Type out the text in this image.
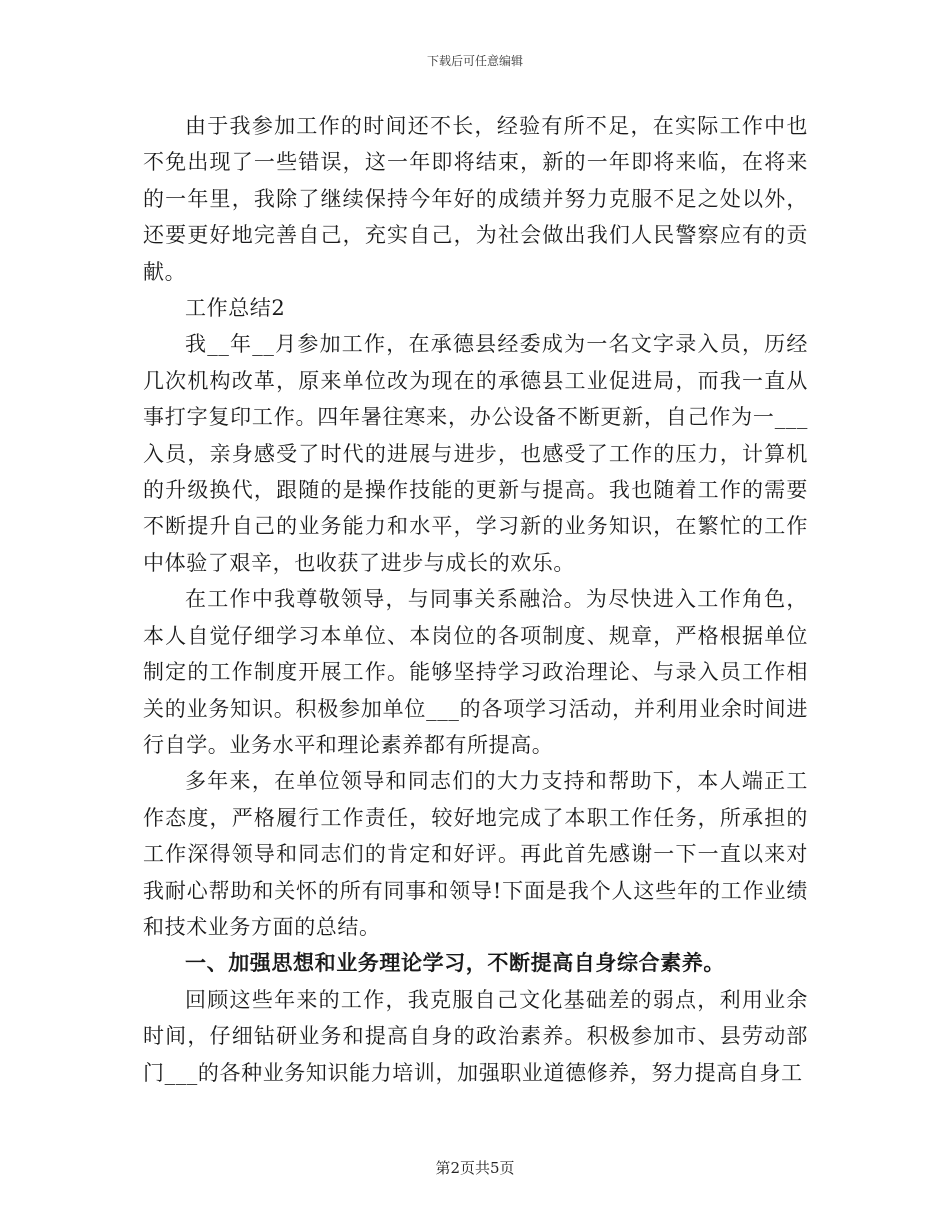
下载后可任意编辑

由于我参加工作的时间还不长，经验有所不足，在实际工作中也不免出现了一些错误，这一年即将结束，新的一年即将来临，在将来的一年里，我除了继续保持今年好的成绩并努力克服不足之处以外，还要更好地完善自己，充实自己，为社会做出我们人民警察应有的贡献。

工作总结2

我__年__月参加工作，在承德县经委成为一名文字录入员，历经几次机构改革，原来单位改为现在的承德县工业促进局，而我一直从事打字复印工作。四年暑往寒来，办公设备不断更新，自己作为一___入员，亲身感受了时代的进展与进步，也感受了工作的压力，计算机的升级换代，跟随的是操作技能的更新与提高。我也随着工作的需要不断提升自己的业务能力和水平，学习新的业务知识，在繁忙的工作中体验了艰辛，也收获了进步与成长的欢乐。

在工作中我尊敬领导，与同事关系融洽。为尽快进入工作角色，本人自觉仔细学习本单位、本岗位的各项制度、规章，严格根据单位制定的工作制度开展工作。能够坚持学习政治理论、与录入员工作相关的业务知识。积极参加单位___的各项学习活动，并利用业余时间进行自学。业务水平和理论素养都有所提高。

多年来，在单位领导和同志们的大力支持和帮助下，本人端正工作态度，严格履行工作责任，较好地完成了本职工作任务，所承担的工作深得领导和同志们的肯定和好评。再此首先感谢一下一直以来对我耐心帮助和关怀的所有同事和领导!下面是我个人这些年的工作业绩和技术业务方面的总结。

一、加强思想和业务理论学习，不断提高自身综合素养。

回顾这些年来的工作，我克服自己文化基础差的弱点，利用业余时间，仔细钻研业务和提高自身的政治素养。积极参加市、县劳动部门___的各种业务知识能力培训，加强职业道德修养，努力提高自身工

第2页共5页
